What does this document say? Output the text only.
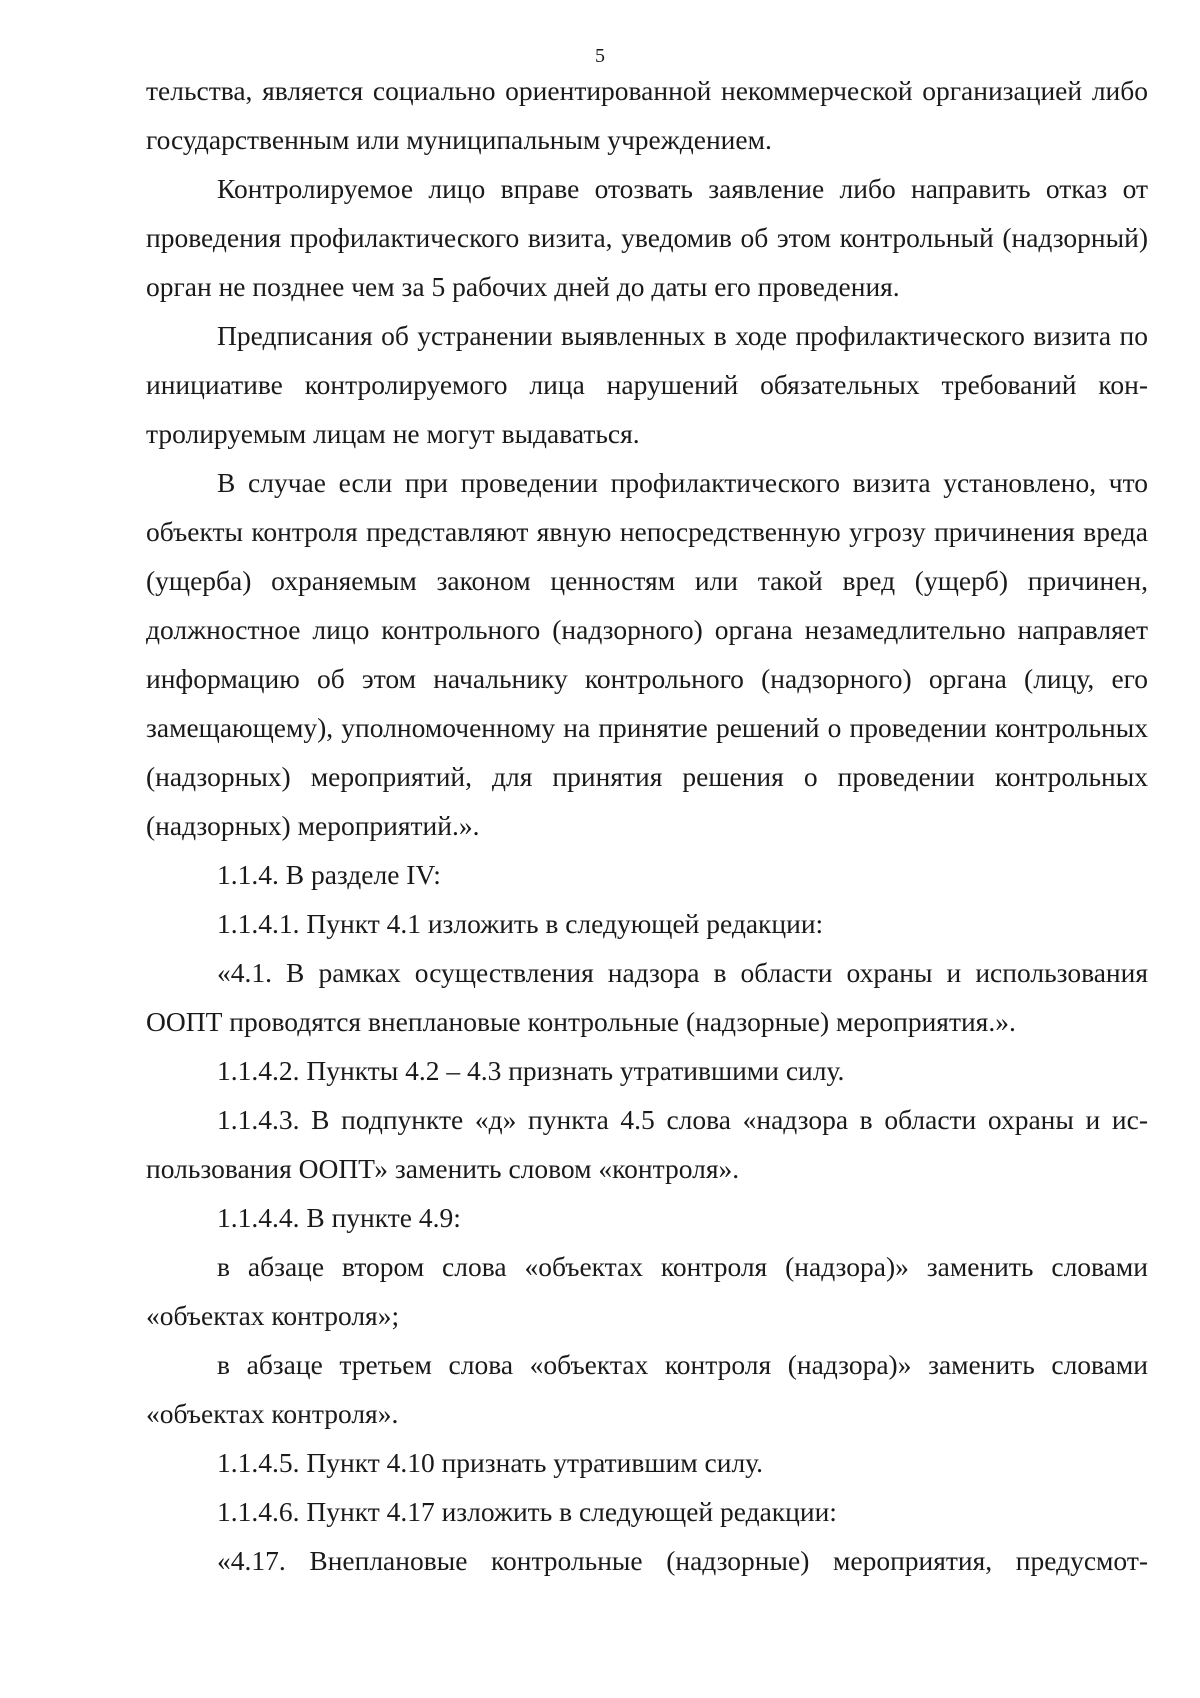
5

тельства, является социально ориентированной некоммерческой организацией либо государственным или муниципальным учреждением.

Контролируемое лицо вправе отозвать заявление либо направить отказ от проведения профилактического визита, уведомив об этом контрольный (надзорный) орган не позднее чем за 5 рабочих дней до даты его проведения.

Предписания об устранении выявленных в ходе профилактического визита по инициативе контролируемого лица нарушений обязательных требований контролируемым лицам не могут выдаваться.

В случае если при проведении профилактического визита установлено, что объекты контроля представляют явную непосредственную угрозу причинения вреда (ущерба) охраняемым законом ценностям или такой вред (ущерб) причинен, должностное лицо контрольного (надзорного) органа незамедлительно направляет информацию об этом начальнику контрольного (надзорного) органа (лицу, его замещающему), уполномоченному на принятие решений о проведении контрольных (надзорных) мероприятий, для принятия решения о проведении контрольных (надзорных) мероприятий.».

1.1.4. В разделе IV:

1.1.4.1. Пункт 4.1 изложить в следующей редакции:

«4.1. В рамках осуществления надзора в области охраны и использования ООПТ проводятся внеплановые контрольные (надзорные) мероприятия.».

1.1.4.2. Пункты 4.2 – 4.3 признать утратившими силу.

1.1.4.3. В подпункте «д» пункта 4.5 слова «надзора в области охраны и использования ООПТ» заменить словом «контроля».

1.1.4.4. В пункте 4.9:

в абзаце втором слова «объектах контроля (надзора)» заменить словами «объектах контроля»;

в абзаце третьем слова «объектах контроля (надзора)» заменить словами «объектах контроля».

1.1.4.5. Пункт 4.10 признать утратившим силу.

1.1.4.6. Пункт 4.17 изложить в следующей редакции:

«4.17. Внеплановые контрольные (надзорные) мероприятия, предусмот-
